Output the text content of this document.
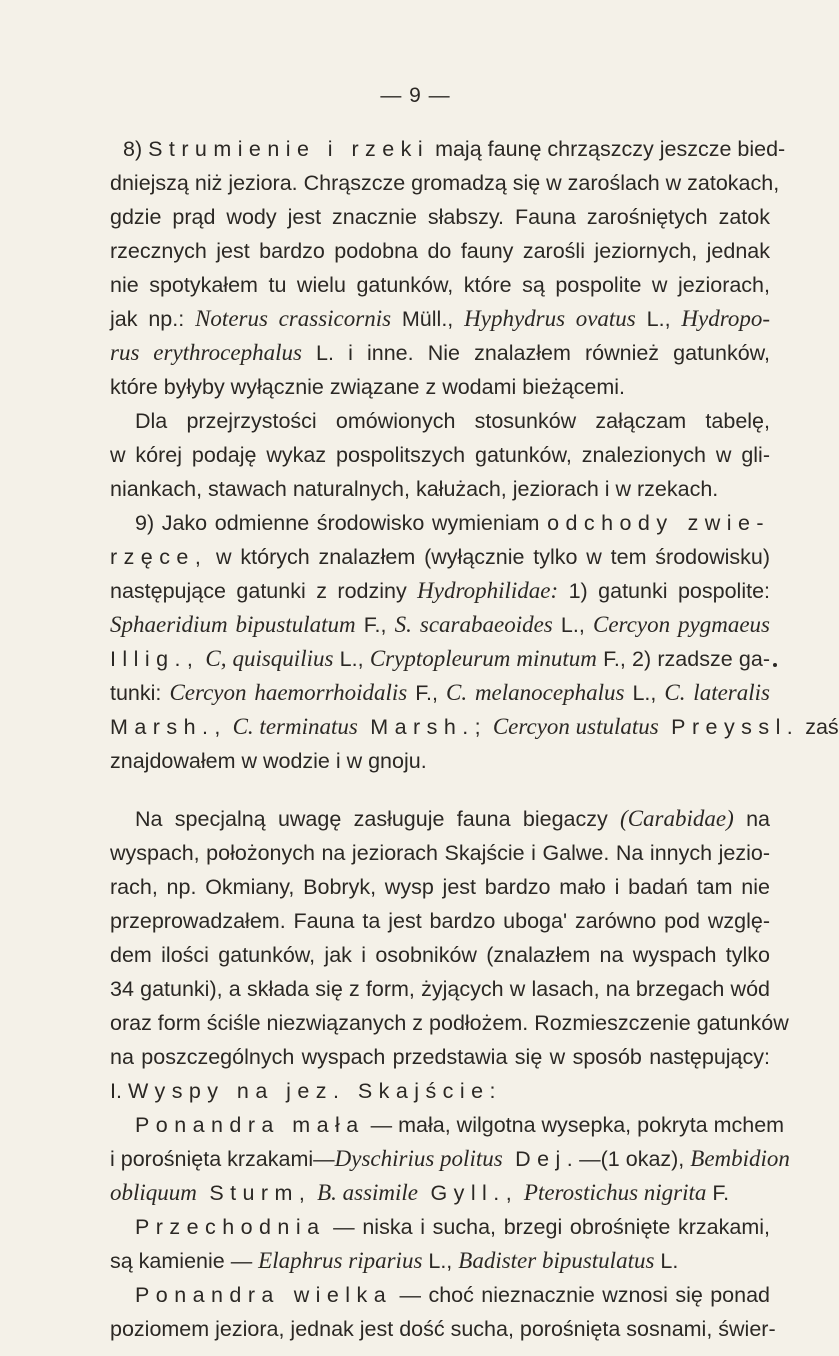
— 9 —
8) Strumienie i rzeki mają faunę chrząszczy jeszcze bied-
dniejszą niż jeziora. Chrąszcze gromadzą się w zaroślach w zatokach,
gdzie prąd wody jest znacznie słabszy. Fauna zarośniętych zatok
rzecznych jest bardzo podobna do fauny zarośli jeziornych, jednak
nie spotykałem tu wielu gatunków, które są pospolite w jeziorach,
jak np.: Noterus crassicornis Müll., Hyphydrus ovatus L., Hydropo-
rus erythrocephalus L. i inne. Nie znalazłem również gatunków,
które byłyby wyłącznie związane z wodami bieżącemi.
Dla przejrzystości omówionych stosunków załączam tabelę,
w kórej podaję wykaz pospolitszych gatunków, znalezionych w gli-
niankach, stawach naturalnych, kałużach, jeziorach i w rzekach.
9) Jako odmienne środowisko wymieniam odchody zwie-
rzęce, w których znalazłem (wyłącznie tylko w tem środowisku)
następujące gatunki z rodziny Hydrophilidae: 1) gatunki pospolite:
Sphaeridium bipustulatum F., S. scarabaeoides L., Cercyon pygmaeus
Illig., C, quisquilius L., Cryptopleurum minutum F., 2) rzadsze ga-
tunki: Cercyon haemorrhoidalis F., C. melanocephalus L., C. lateralis
Marsh., C. terminatus Marsh.; Cercyon ustulatus Preyssl. zaś
znajdowałem w wodzie i w gnoju.
Na specjalną uwagę zasługuje fauna biegaczy (Carabidae) na
wyspach, położonych na jeziorach Skajście i Galwe. Na innych jezio-
rach, np. Okmiany, Bobryk, wysp jest bardzo mało i badań tam nie
przeprowadzałem. Fauna ta jest bardzo uboga' zarówno pod wzglę-
dem ilości gatunków, jak i osobników (znalazłem na wyspach tylko
34 gatunki), a składa się z form, żyjących w lasach, na brzegach wód
oraz form ściśle niezwiązanych z podłożem. Rozmieszczenie gatunków
na poszczególnych wyspach przedstawia się w sposób następujący:
I. Wyspy na jez. Skajście:
Ponandra mała — mała, wilgotna wysepka, pokryta mchem
i porośnięta krzakami—Dyschirius politus Dej.—(1 okaz), Bembidion
obliquum Sturm, B. assimile Gyll., Pterostichus nigrita F.
Przechodnia — niska i sucha, brzegi obrośnięte krzakami,
są kamienie — Elaphrus riparius L., Badister bipustulatus L.
Ponandra wielka — choć nieznacznie wznosi się ponad
poziomem jeziora, jednak jest dość sucha, porośnięta sosnami, świer-
